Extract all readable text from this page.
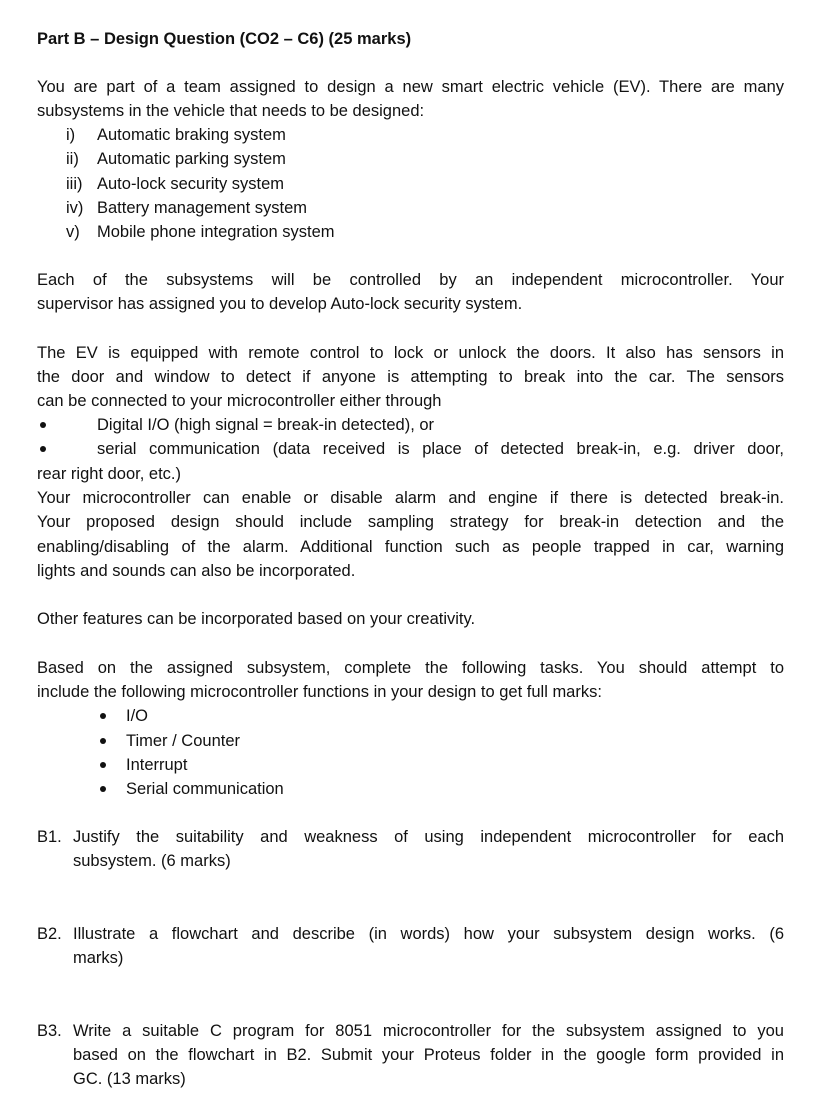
Part B – Design Question (CO2 – C6) (25 marks)
You are part of a team assigned to design a new smart electric vehicle (EV). There are many
subsystems in the vehicle that needs to be designed:
i)	Automatic braking system
ii)	Automatic parking system
iii) Auto-lock security system
iv) Battery management system
v)	Mobile phone integration system
Each of the subsystems will be controlled by an independent microcontroller. Your
supervisor has assigned you to develop Auto-lock security system.
The EV is equipped with remote control to lock or unlock the doors. It also has sensors in
the door and window to detect if anyone is attempting to break into the car. The sensors
can be connected to your microcontroller either through
Digital I/O (high signal = break-in detected), or
serial communication (data received is place of detected break-in, e.g. driver door,
rear right door, etc.)
Your microcontroller can enable or disable alarm and engine if there is detected break-in.
Your proposed design should include sampling strategy for break-in detection and the
enabling/disabling of the alarm. Additional function such as people trapped in car, warning
lights and sounds can also be incorporated.
Other features can be incorporated based on your creativity.
Based on the assigned subsystem, complete the following tasks. You should attempt to
include the following microcontroller functions in your design to get full marks:
I/O
Timer / Counter
Interrupt
Serial communication
B1. Justify the suitability and weakness of using independent microcontroller for each
subsystem. (6 marks)
B2. Illustrate a flowchart and describe (in words) how your subsystem design works. (6
marks)
B3. Write a suitable C program for 8051 microcontroller for the subsystem assigned to you
based on the flowchart in B2. Submit your Proteus folder in the google form provided in
GC. (13 marks)
